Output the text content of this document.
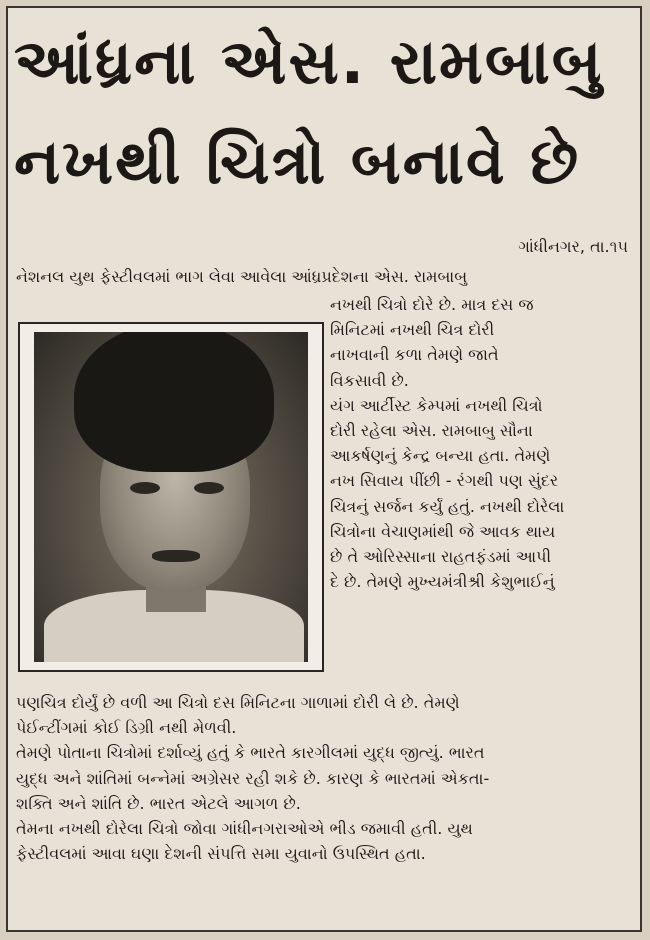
આંધ્રના એસ. રામબાબુ
નખથી ચિત્રો બનાવે છે
ગાંધીનગર, તા.૧૫
નેશનલ યુથ ફેસ્ટીવલમાં ભાગ લેવા આવેલા આંધ્રપ્રદેશના એસ. રામબાબુ
નખથી ચિત્રો દોરે છે. માત્ર દસ જ
મિનિટમાં નખથી ચિત્ર દોરી
નાખવાની કળા તેમણે જાતે
વિકસાવી છે.
યંગ આર્ટીસ્ટ કેમ્પમાં નખથી ચિત્રો
દોરી રહેલા એસ. રામબાબુ સૌના
આકર્ષણનું કેન્દ્ર બન્યા હતા. તેમણે
નખ સિવાય પીંછી - રંગથી પણ સુંદર
ચિત્રનું સર્જન કર્યું હતું. નખથી દોરેલા
ચિત્રોના વેચાણમાંથી જે આવક થાય
છે તે ઓરિસ્સાના રાહતફંડમાં આપી
દે છે. તેમણે મુખ્યમંત્રીશ્રી કેશુભાઈનું
પણચિત્ર દોર્યું છે વળી આ ચિત્રો દસ મિનિટના ગાળામાં દોરી લે છે. તેમણે
પેઈન્ટીંગમાં કોઈ ડિગ્રી નથી મેળવી.
તેમણે પોતાના ચિત્રોમાં દર્શાવ્યું હતું કે ભારતે કારગીલમાં યુદ્ધ જીત્યું. ભારત
યુદ્ધ અને શાંતિમાં બન્નેમાં અગ્રેસર રહી શકે છે. કારણ કે ભારતમાં એકતા-
શક્તિ અને શાંતિ છે. ભારત એટલે આગળ છે.
તેમના નખથી દોરેલા ચિત્રો જોવા ગાંધીનગરાઓએ ભીડ જમાવી હતી. યુથ
ફેસ્ટીવલમાં આવા ઘણા દેશની સંપત્તિ સમા યુવાનો ઉપસ્થિત હતા.
